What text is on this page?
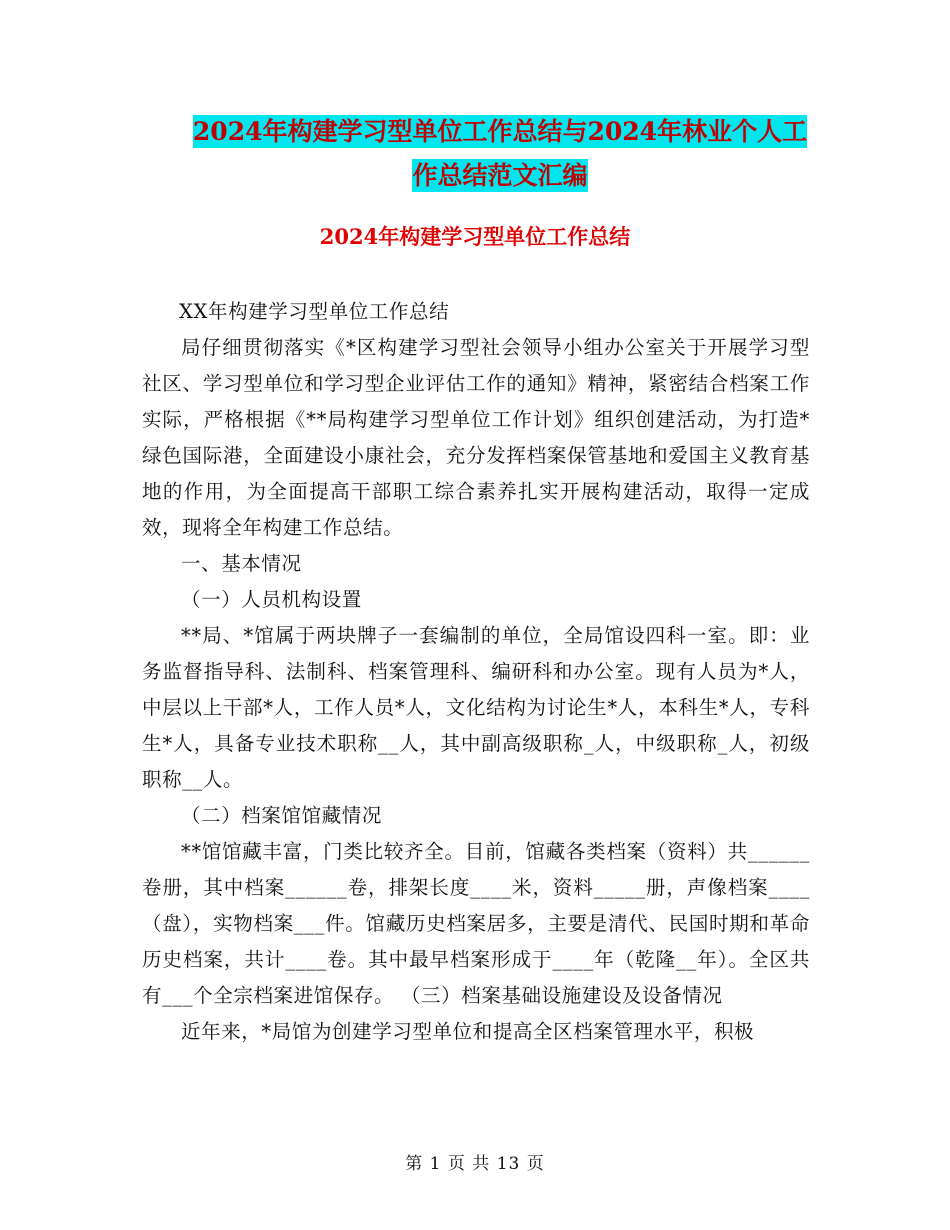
2024年构建学习型单位工作总结与2024年林业个人工
作总结范文汇编
2024年构建学习型单位工作总结

XX年构建学习型单位工作总结

局仔细贯彻落实《*区构建学习型社会领导小组办公室关于开展学习型社区、学习型单位和学习型企业评估工作的通知》精神，紧密结合档案工作实际，严格根据《**局构建学习型单位工作计划》组织创建活动，为打造*绿色国际港，全面建设小康社会，充分发挥档案保管基地和爱国主义教育基地的作用，为全面提高干部职工综合素养扎实开展构建活动，取得一定成效，现将全年构建工作总结。

一、基本情况

（一）人员机构设置

**局、*馆属于两块牌子一套编制的单位，全局馆设四科一室。即：业务监督指导科、法制科、档案管理科、编研科和办公室。现有人员为*人，中层以上干部*人，工作人员*人，文化结构为讨论生*人，本科生*人，专科生*人，具备专业技术职称__人，其中副高级职称_人，中级职称_人，初级职称__人。

（二）档案馆馆藏情况

**馆馆藏丰富，门类比较齐全。目前，馆藏各类档案（资料）共______卷册，其中档案______卷，排架长度____米，资料_____册，声像档案____（盘），实物档案___件。馆藏历史档案居多，主要是清代、民国时期和革命历史档案，共计____卷。其中最早档案形成于____年（乾隆__年）。全区共有___个全宗档案进馆保存。 （三）档案基础设施建设及设备情况

近年来，*局馆为创建学习型单位和提高全区档案管理水平，积极

第 1 页 共 13 页
